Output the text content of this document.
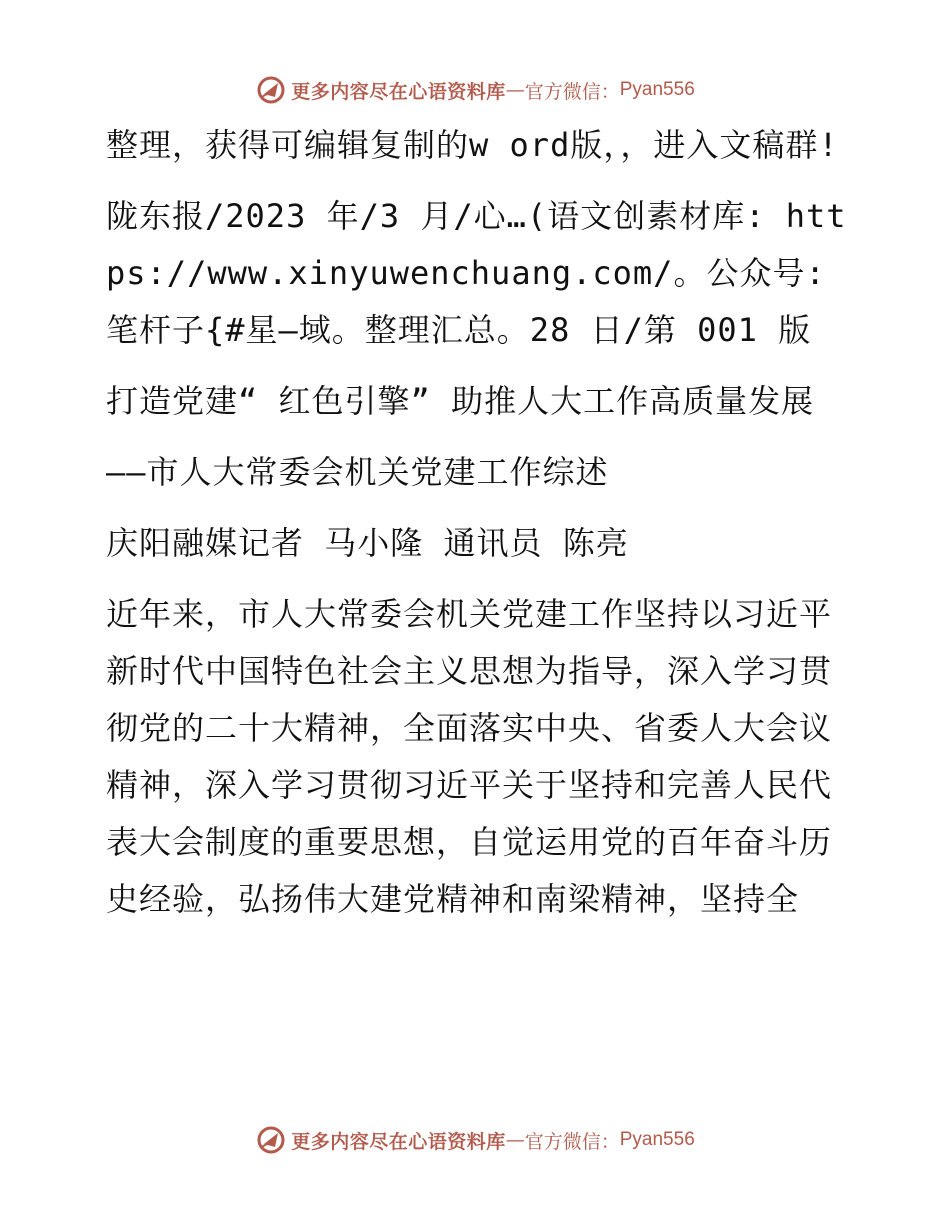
更多内容尽在心语资料库 — 官方微信： Pyan556

整理，获得可编辑复制的w ord版，，进入文稿群!

陇东报/2023 年/3 月/心…(语文创素材库: https://www.xinyuwenchuang.com/。公众号: 笔杆子{#星—域。整理汇总。28 日/第 001 版

打造党建“ 红色引擎” 助推人大工作高质量发展

——市人大常委会机关党建工作综述

庆阳融媒记者 马小隆 通讯员 陈亮

近年来，市人大常委会机关党建工作坚持以习近平新时代中国特色社会主义思想为指导，深入学习贯彻党的二十大精神，全面落实中央、省委人大会议精神，深入学习贯彻习近平关于坚持和完善人民代表大会制度的重要思想，自觉运用党的百年奋斗历史经验，弘扬伟大建党精神和南梁精神，坚持全

更多内容尽在心语资料库 — 官方微信： Pyan556
